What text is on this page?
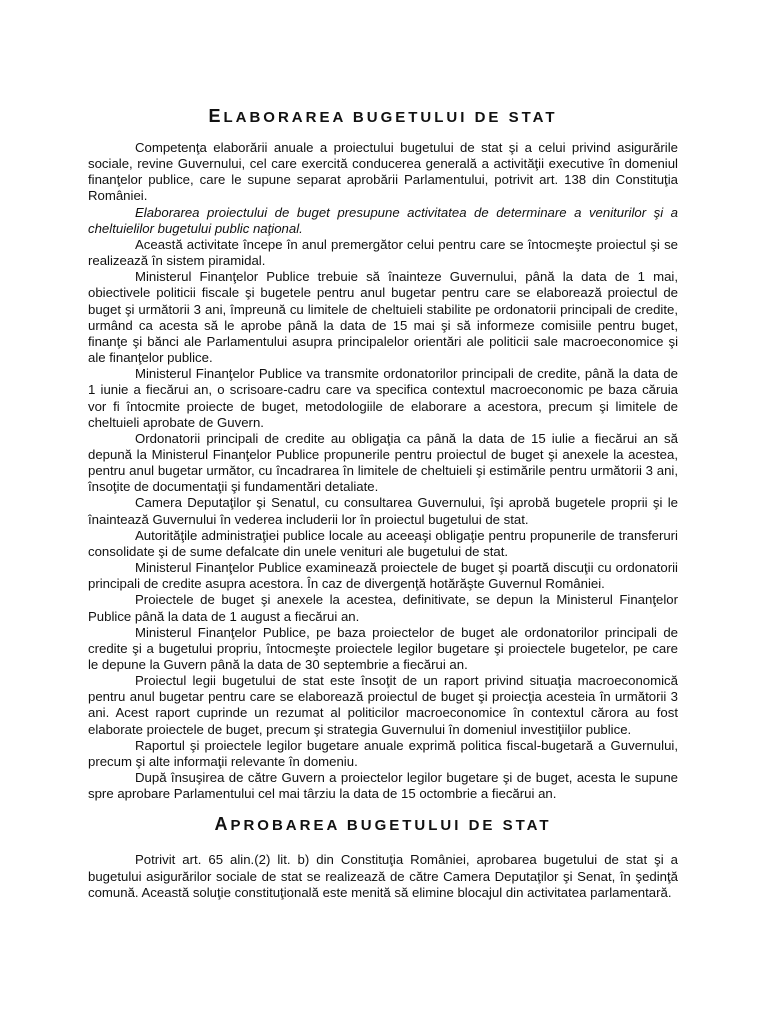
ELABORAREA BUGETULUI DE STAT

Competenţa elaborării anuale a proiectului bugetului de stat şi a celui privind asigurările sociale, revine Guvernului, cel care exercită conducerea generală a activităţii executive în domeniul finanţelor publice, care le supune separat aprobării Parlamentului, potrivit art. 138 din Constituţia României.

Elaborarea proiectului de buget presupune activitatea de determinare a veniturilor şi a cheltuielilor bugetului public naţional.

Această activitate începe în anul premergător celui pentru care se întocmeşte proiectul şi se realizează în sistem piramidal.

Ministerul Finanţelor Publice trebuie să înainteze Guvernului, până la data de 1 mai, obiectivele politicii fiscale şi bugetele pentru anul bugetar pentru care se elaborează proiectul de buget şi următorii 3 ani, împreună cu limitele de cheltuieli stabilite pe ordonatorii principali de credite, urmând ca acesta să le aprobe până la data de 15 mai şi să informeze comisiile pentru buget, finanţe şi bănci ale Parlamentului asupra principalelor orientări ale politicii sale macroeconomice şi ale finanţelor publice.

Ministerul Finanţelor Publice va transmite ordonatorilor principali de credite, până la data de 1 iunie a fiecărui an, o scrisoare-cadru care va specifica contextul macroeconomic pe baza căruia vor fi întocmite proiecte de buget, metodologiile de elaborare a acestora, precum şi limitele de cheltuieli aprobate de Guvern.

Ordonatorii principali de credite au obligaţia ca până la data de 15 iulie a fiecărui an să depună la Ministerul Finanţelor Publice propunerile pentru proiectul de buget şi anexele la acestea, pentru anul bugetar următor, cu încadrarea în limitele de cheltuieli şi estimările pentru următorii 3 ani, însoţite de documentaţii şi fundamentări detaliate.

Camera Deputaţilor şi Senatul, cu consultarea Guvernului, îşi aprobă bugetele proprii şi le înaintează Guvernului în vederea includerii lor în proiectul bugetului de stat.

Autorităţile administraţiei publice locale au aceeaşi obligaţie pentru propunerile de transferuri consolidate şi de sume defalcate din unele venituri ale bugetului de stat.

Ministerul Finanţelor Publice examinează proiectele de buget şi poartă discuţii cu ordonatorii principali de credite asupra acestora. În caz de divergenţă hotărăşte Guvernul României.

Proiectele de buget şi anexele la acestea, definitivate, se depun la Ministerul Finanţelor Publice până la data de 1 august a fiecărui an.

Ministerul Finanţelor Publice, pe baza proiectelor de buget ale ordonatorilor principali de credite şi a bugetului propriu, întocmeşte proiectele legilor bugetare şi proiectele bugetelor, pe care le depune la Guvern până la data de 30 septembrie a fiecărui an.

Proiectul legii bugetului de stat este însoţit de un raport privind situaţia macroeconomică pentru anul bugetar pentru care se elaborează proiectul de buget şi proiecţia acesteia în următorii 3 ani. Acest raport cuprinde un rezumat al politicilor macroeconomice în contextul cărora au fost elaborate proiectele de buget, precum şi strategia Guvernului în domeniul investiţiilor publice.

Raportul şi proiectele legilor bugetare anuale exprimă politica fiscal-bugetară a Guvernului, precum şi alte informaţii relevante în domeniu.

După însuşirea de către Guvern a proiectelor legilor bugetare şi de buget, acesta le supune spre aprobare Parlamentului cel mai târziu la data de 15 octombrie a fiecărui an.

APROBAREA BUGETULUI DE STAT

Potrivit art. 65 alin.(2) lit. b) din Constituţia României, aprobarea bugetului de stat şi a bugetului asigurărilor sociale de stat se realizează de către Camera Deputaţilor şi Senat, în şedinţă comună. Această soluţie constituţională este menită să elimine blocajul din activitatea parlamentară.
